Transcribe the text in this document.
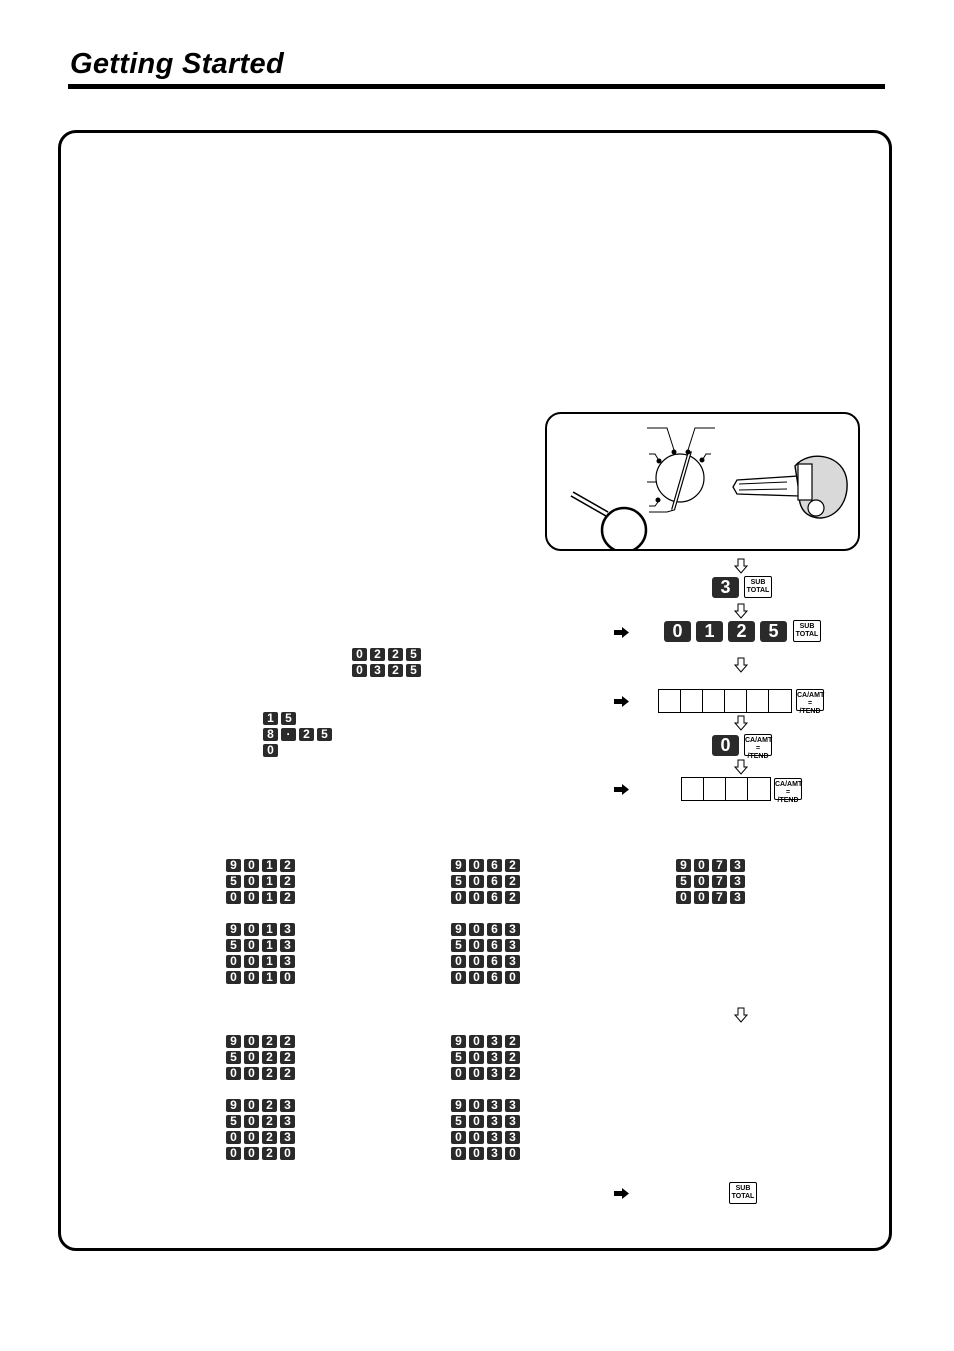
Getting Started
3	SUB
TOTAL
0	1	2	5	SUB
TOTAL
CA/AMT
= /TEND
0	CA/AMT
= /TEND
CA/AMT
= /TEND
SUB
TOTAL
0 2 2 5
0 3 2 5
1 5
8	·	2 5
0
9 0 1 2
5 0 1 2
0 0 1 2
9 0 1 3
5 0 1 3
0 0 1 3
0 0 1 0
9 0 6 2
5 0 6 2
0 0 6 2
9 0 6 3
5 0 6 3
0 0 6 3
0 0 6 0
9 0 7 3
5 0 7 3
0 0 7 3
9 0 2 2
5 0 2 2
0 0 2 2
9 0 2 3
5 0 2 3
0 0 2 3
0 0 2 0
9 0 3 2
5 0 3 2
0 0 3 2
9 0 3 3
5 0 3 3
0 0 3 3
0 0 3 0
